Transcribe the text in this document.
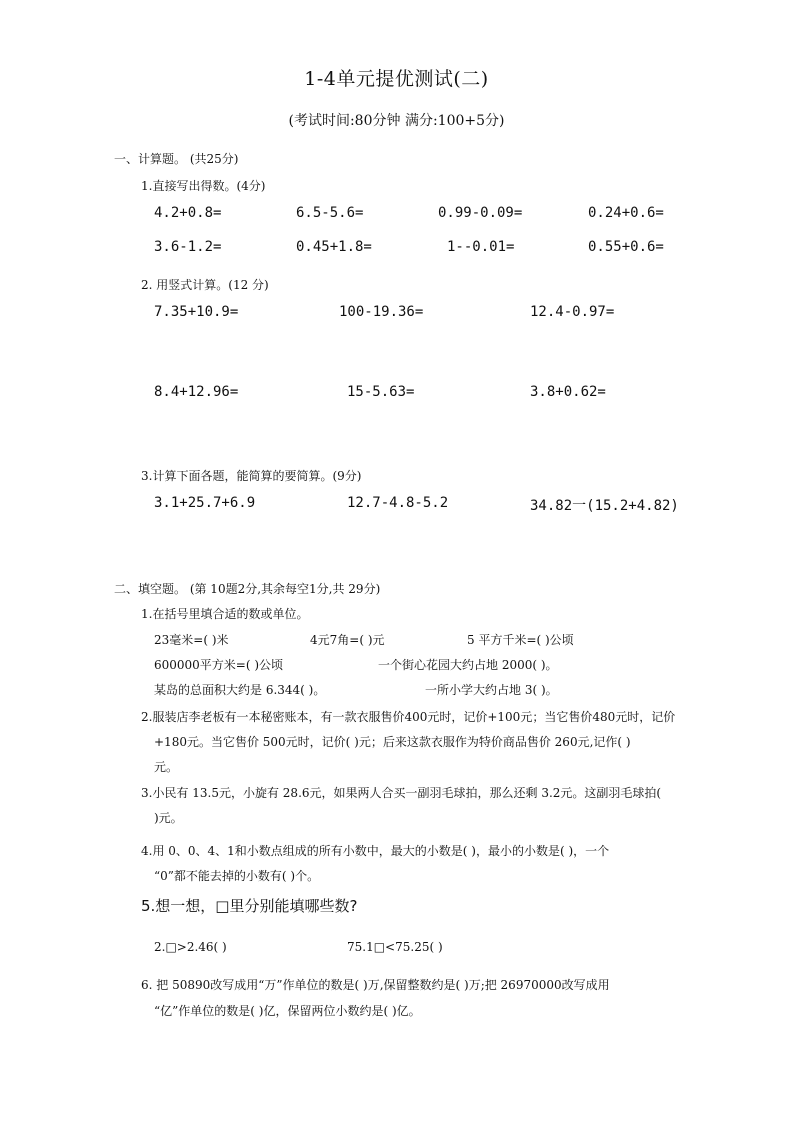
1-4单元提优测试(二)
(考试时间:80分钟 满分:100+5分)
一、计算题。 (共25分)
1.直接写出得数。(4分)
4.2+0.8=	6.5-5.6=	0.99-0.09=	0.24+0.6=
3.6-1.2=	0.45+1.8=	1--0.01=	0.55+0.6=
2. 用竖式计算。(12 分)
7.35+10.9=	100-19.36=	12.4-0.97=
8.4+12.96=	15-5.63=	3.8+0.62=
3.计算下面各题，能简算的要简算。(9分)
3.1+25.7+6.9	12.7-4.8-5.2	34.82一(15.2+4.82)
二、填空题。 (第 10题2分,其余每空1分,共 29分)
1.在括号里填合适的数或单位。
23毫米=( )米	4元7角=( )元	5 平方千米=( )公顷
600000平方米=( )公顷	一个街心花园大约占地 2000( )。
某岛的总面积大约是 6.344( )。	一所小学大约占地 3( )。
2.服装店李老板有一本秘密账本，有一款衣服售价400元时，记价+100元；当它售价480元时，记价
+180元。当它售价 500元时，记价( )元；后来这款衣服作为特价商品售价 260元,记作( )
元。
3.小民有 13.5元，小旋有 28.6元，如果两人合买一副羽毛球拍，那么还剩 3.2元。这副羽毛球拍(
)元。
4.用 0、0、4、1和小数点组成的所有小数中，最大的小数是( )，最小的小数是( )，一个
“0”都不能去掉的小数有( )个。
5.想一想，□里分别能填哪些数?
2.□>2.46( )	75.1□<75.25( )
6. 把 50890改写成用“万”作单位的数是( )万,保留整数约是( )万;把 26970000改写成用
“亿”作单位的数是( )亿，保留两位小数约是( )亿。
